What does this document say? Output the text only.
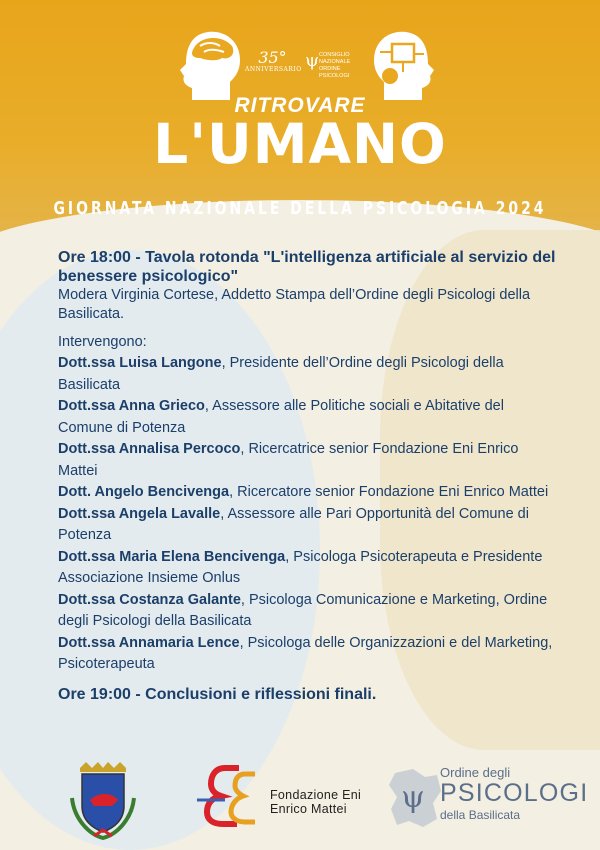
35°
ANNIVERSARIO ψ CONSIGLIO
NAZIONALE
ORDINE
PSICOLOGI
RITROVARE
L'UMANO
GIORNATA NAZIONALE DELLA PSICOLOGIA 2024

Ore 18:00 - Tavola rotonda "L'intelligenza artificiale al servizio del benessere psicologico"

Modera Virginia Cortese, Addetto Stampa dell’Ordine degli Psicologi della Basilicata.

Intervengono:

Dott.ssa Luisa Langone, Presidente dell’Ordine degli Psicologi della Basilicata

Dott.ssa Anna Grieco, Assessore alle Politiche sociali e Abitative del Comune di Potenza

Dott.ssa Annalisa Percoco, Ricercatrice senior Fondazione Eni Enrico Mattei

Dott. Angelo Bencivenga, Ricercatore senior Fondazione Eni Enrico Mattei

Dott.ssa Angela Lavalle, Assessore alle Pari Opportunità del Comune di Potenza

Dott.ssa Maria Elena Bencivenga, Psicologa Psicoterapeuta e Presidente Associazione Insieme Onlus

Dott.ssa Costanza Galante, Psicologa Comunicazione e Marketing, Ordine degli Psicologi della Basilicata

Dott.ssa Annamaria Lence, Psicologa delle Organizzazioni e del Marketing, Psicoterapeuta

Ore 19:00 - Conclusioni e riflessioni finali.

Fondazione Eni
Enrico Mattei	ψ
Ordine degli
PSICOLOGI
della Basilicata
